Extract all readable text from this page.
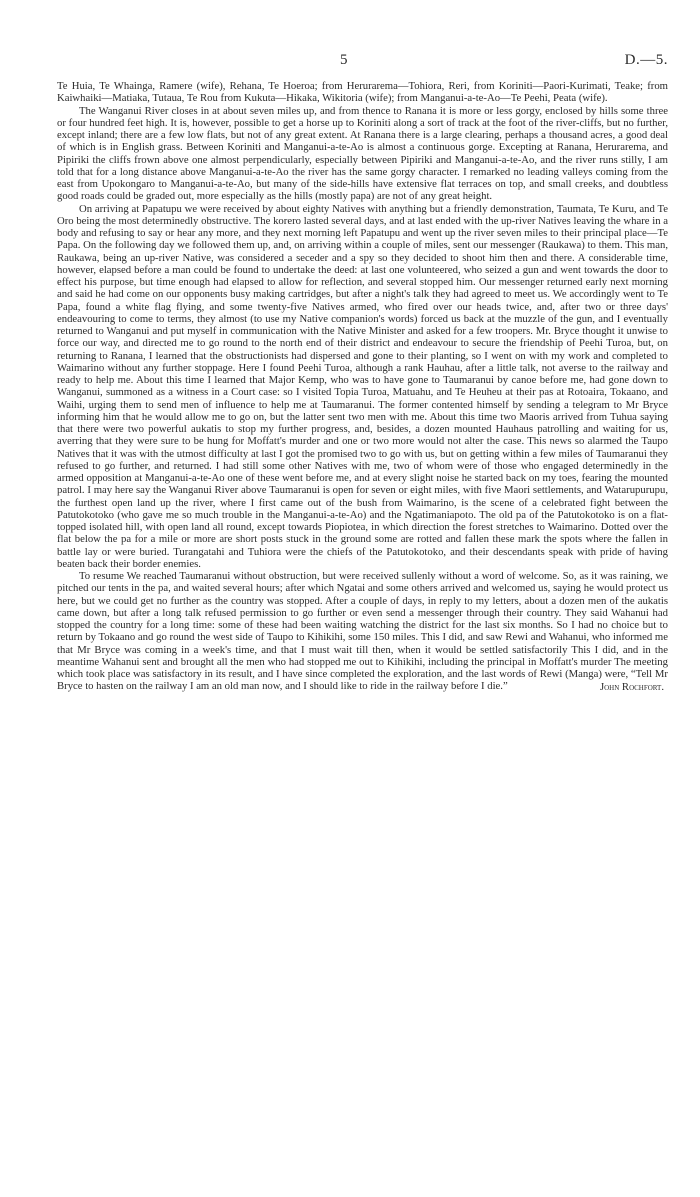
5	D.—5.

Te Huia, Te Whainga, Ramere (wife), Rehana, Te Hoeroa; from Heruraremа—Tohiora, Reri, from Koriniti—Paori-Kurimati, Teake; from Kaiwhaiki—Matiaka, Tutaua, Te Rou from Kukuta—Hikaka, Wikitoria (wife); from Manganui-a-te-Ao—Te Peehi, Peata (wife).

The Wanganui River closes in at about seven miles up, and from thence to Ranana it is more or less gorgy, enclosed by hills some three or four hundred feet high. It is, however, possible to get a horse up to Koriniti along a sort of track at the foot of the river-cliffs, but no further, except inland; there are a few low flats, but not of any great extent. At Ranana there is a large clearing, perhaps a thousand acres, a good deal of which is in English grass. Between Koriniti and Manganui-a-te-Ao is almost a continuous gorge. Excepting at Ranana, Heruraremа, and Pipiriki the cliffs frown above one almost perpendicularly, especially between Pipiriki and Manganui-a-te-Ao, and the river runs stilly, I am told that for a long distance above Manganui-a-te-Ao the river has the same gorgy character. I remarked no leading valleys coming from the east from Upokongaro to Manganui-a-te-Ao, but many of the side-hills have extensive flat terraces on top, and small creeks, and doubtless good roads could be graded out, more especially as the hills (mostly papa) are not of any great height.

On arriving at Papatupu we were received by about eighty Natives with anything but a friendly demonstration, Taumata, Te Kuru, and Te Oro being the most determinedly obstructive. The korero lasted several days, and at last ended with the up-river Natives leaving the whare in a body and refusing to say or hear any more, and they next morning left Papatupu and went up the river seven miles to their principal place—Te Papa. On the following day we followed them up, and, on arriving within a couple of miles, sent our messenger (Raukawa) to them. This man, Raukawa, being an up-river Native, was considered a seceder and a spy so they decided to shoot him then and there. A considerable time, however, elapsed before a man could be found to undertake the deed: at last one volunteered, who seized a gun and went towards the door to effect his purpose, but time enough had elapsed to allow for reflection, and several stopped him. Our messenger returned early next morning and said he had come on our opponents busy making cartridges, but after a night's talk they had agreed to meet us. We accordingly went to Te Papa, found a white flag flying, and some twenty-five Natives armed, who fired over our heads twice, and, after two or three days' endeavouring to come to terms, they almost (to use my Native companion's words) forced us back at the muzzle of the gun, and I eventually returned to Wanganui and put myself in communication with the Native Minister and asked for a few troopers. Mr. Bryce thought it unwise to force our way, and directed me to go round to the north end of their district and endeavour to secure the friendship of Peehi Turoa, but, on returning to Ranana, I learned that the obstructionists had dispersed and gone to their planting, so I went on with my work and completed to Waimarino without any further stoppage. Here I found Peehi Turoa, although a rank Hauhau, after a little talk, not averse to the railway and ready to help me. About this time I learned that Major Kemp, who was to have gone to Taumaranui by canoe before me, had gone down to Wanganui, summoned as a witness in a Court case: so I visited Topia Turoa, Matuahu, and Te Heuheu at their pas at Rotoaira, Tokaano, and Waihi, urging them to send men of influence to help me at Taumaranui. The former contented himself by sending a telegram to Mr Bryce informing him that he would allow me to go on, but the latter sent two men with me. About this time two Maoris arrived from Tuhua saying that there were two powerful aukatis to stop my further progress, and, besides, a dozen mounted Hauhaus patrolling and waiting for us, averring that they were sure to be hung for Moffatt's murder and one or two more would not alter the case. This news so alarmed the Taupo Natives that it was with the utmost difficulty at last I got the promised two to go with us, but on getting within a few miles of Taumaranui they refused to go further, and returned. I had still some other Natives with me, two of whom were of those who engaged determinedly in the armed opposition at Manganui-a-te-Ao one of these went before me, and at every slight noise he started back on my toes, fearing the mounted patrol. I may here say the Wanganui River above Taumaranui is open for seven or eight miles, with five Maori settlements, and Watarupurupu, the furthest open land up the river, where I first came out of the bush from Waimarino, is the scene of a celebrated fight between the Patutokotoko (who gave me so much trouble in the Manganui-a-te-Ao) and the Ngatimaniapoto. The old pa of the Patutokotoko is on a flat-topped isolated hill, with open land all round, except towards Piopiotea, in which direction the forest stretches to Waimarino. Dotted over the flat below the pa for a mile or more are short posts stuck in the ground some are rotted and fallen these mark the spots where the fallen in battle lay or were buried. Turangatahi and Tuhiora were the chiefs of the Patutokotoko, and their descendants speak with pride of having beaten back their border enemies.

To resume We reached Taumaranui without obstruction, but were received sullenly without a word of welcome. So, as it was raining, we pitched our tents in the pa, and waited several hours; after which Ngatai and some others arrived and welcomed us, saying he would protect us here, but we could get no further as the country was stopped. After a couple of days, in reply to my letters, about a dozen men of the aukatis came down, but after a long talk refused permission to go further or even send a messenger through their country. They said Wahanui had stopped the country for a long time: some of these had been waiting watching the district for the last six months. So I had no choice but to return by Tokaano and go round the west side of Taupo to Kihikihi, some 150 miles. This I did, and saw Rewi and Wahanui, who informed me that Mr Bryce was coming in a week's time, and that I must wait till then, when it would be settled satisfactorily This I did, and in the meantime Wahanui sent and brought all the men who had stopped me out to Kihikihi, including the principal in Moffatt's murder The meeting which took place was satisfactory in its result, and I have since completed the exploration, and the last words of Rewi (Manga) were, “Tell Mr Bryce to hasten on the railway I am an old man now, and I should like to ride in the railway before I die.”	John Rochfort.
